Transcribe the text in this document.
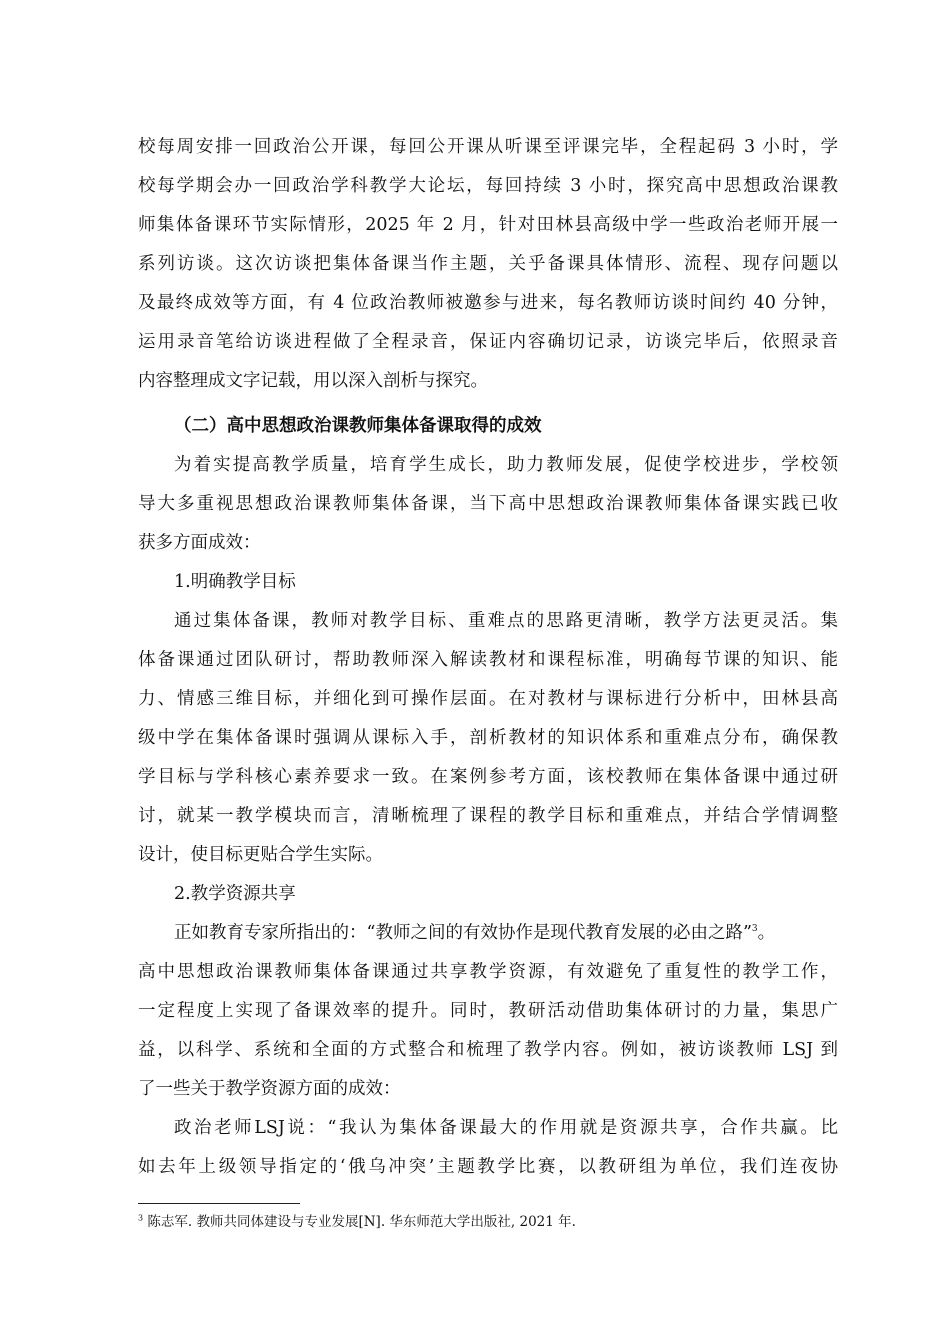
校每周安排一回政治公开课，每回公开课从听课至评课完毕，全程起码 3 小时，学
校每学期会办一回政治学科教学大论坛，每回持续 3 小时，探究高中思想政治课教
师集体备课环节实际情形，2025 年 2 月，针对田林县高级中学一些政治老师开展一
系列访谈。这次访谈把集体备课当作主题，关乎备课具体情形、流程、现存问题以
及最终成效等方面，有 4 位政治教师被邀参与进来，每名教师访谈时间约 40 分钟，
运用录音笔给访谈进程做了全程录音，保证内容确切记录，访谈完毕后，依照录音
内容整理成文字记载，用以深入剖析与探究。
（二）高中思想政治课教师集体备课取得的成效
为着实提高教学质量，培育学生成长，助力教师发展，促使学校进步，学校领
导大多重视思想政治课教师集体备课，当下高中思想政治课教师集体备课实践已收
获多方面成效：
1.明确教学目标
通过集体备课，教师对教学目标、重难点的思路更清晰，教学方法更灵活。集
体备课通过团队研讨，帮助教师深入解读教材和课程标准，明确每节课的知识、能
力、情感三维目标，并细化到可操作层面。在对教材与课标进行分析中，田林县高
级中学在集体备课时强调从课标入手，剖析教材的知识体系和重难点分布，确保教
学目标与学科核心素养要求一致。在案例参考方面，该校教师在集体备课中通过研
讨，就某一教学模块而言，清晰梳理了课程的教学目标和重难点，并结合学情调整
设计，使目标更贴合学生实际。
2.教学资源共享
正如教育专家所指出的：“教师之间的有效协作是现代教育发展的必由之路”$^3$。
高中思想政治课教师集体备课通过共享教学资源，有效避免了重复性的教学工作，
一定程度上实现了备课效率的提升。同时，教研活动借助集体研讨的力量，集思广
益，以科学、系统和全面的方式整合和梳理了教学内容。例如，被访谈教师 LSJ 到
了一些关于教学资源方面的成效：
政治老师LSJ说：“我认为集体备课最大的作用就是资源共享，合作共赢。比
如去年上级领导指定的‘俄乌冲突’主题教学比赛，以教研组为单位，我们连夜协
$^3$ 陈志军. 教师共同体建设与专业发展[N]. 华东师范大学出版社, 2021 年.
